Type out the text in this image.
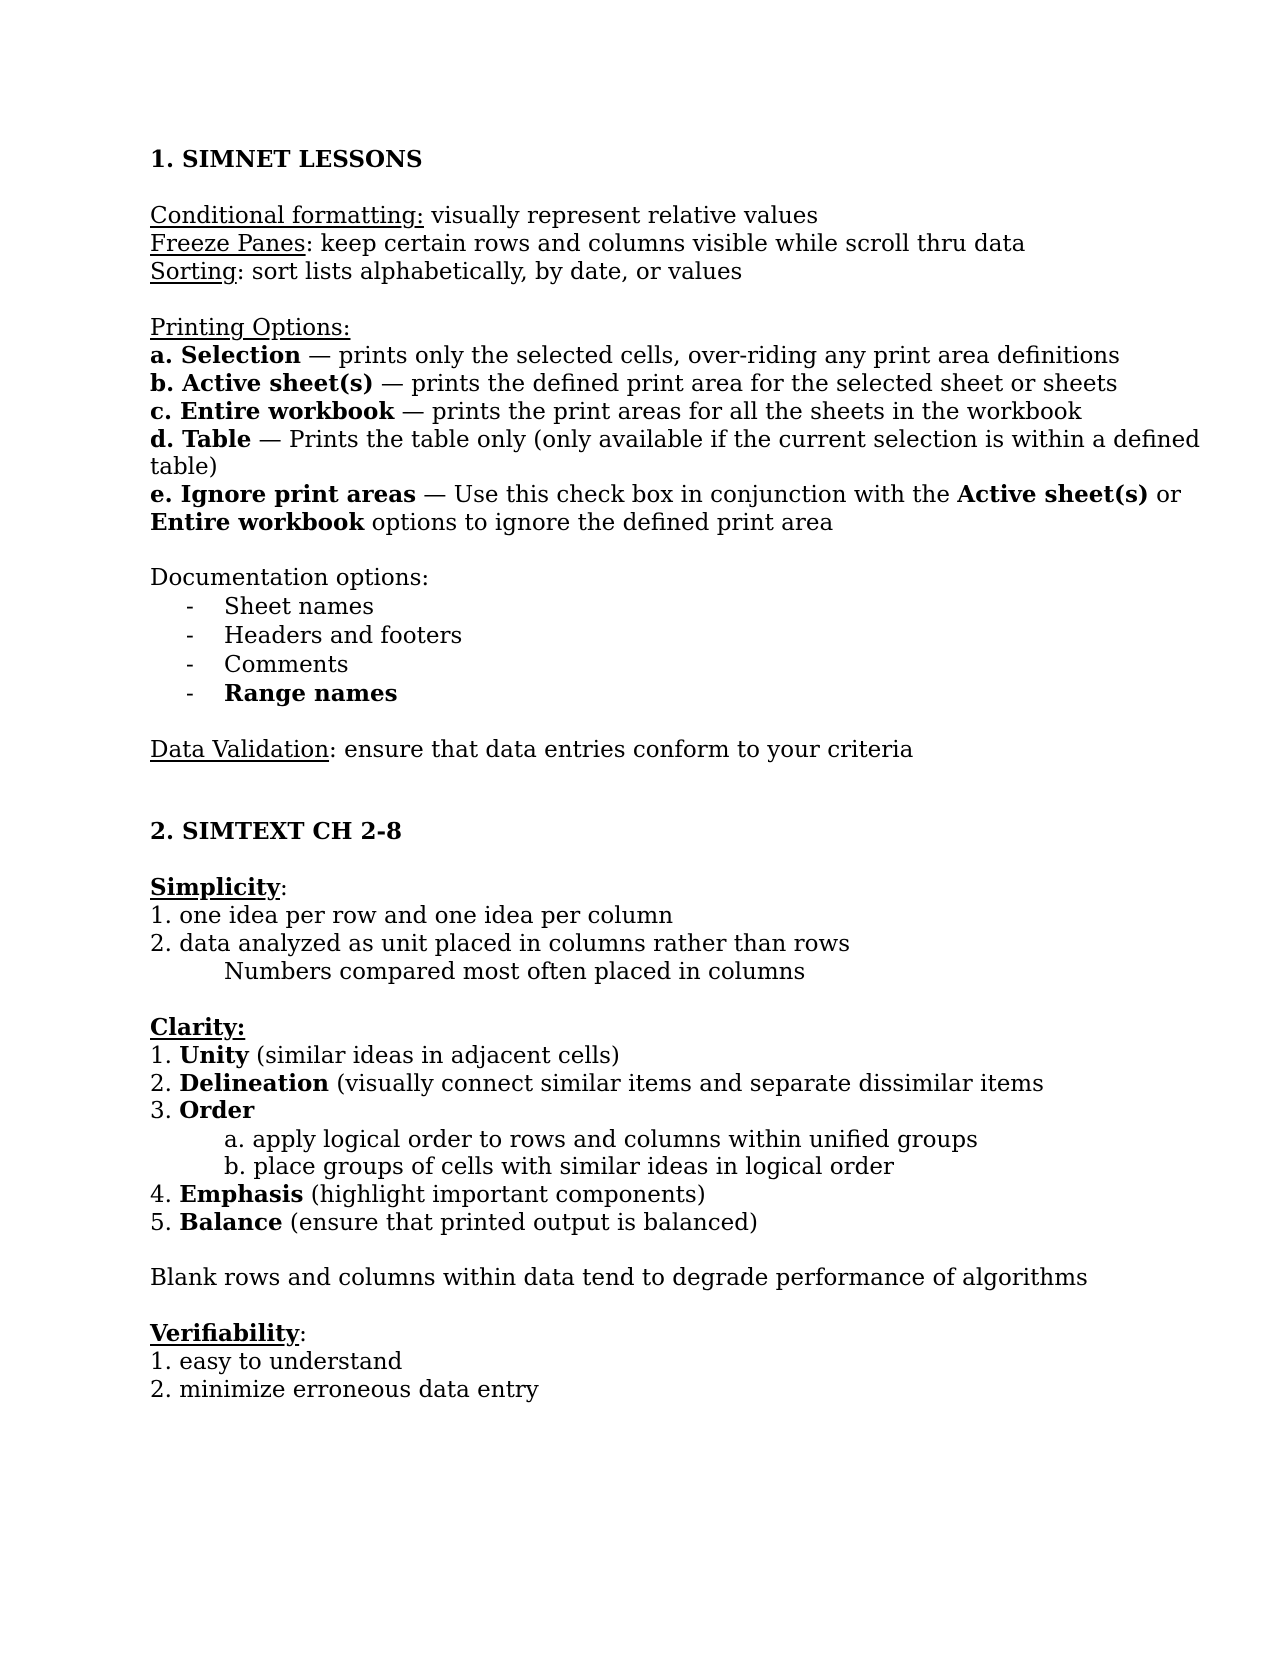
1. SIMNET LESSONS
Conditional formatting: visually represent relative values
Freeze Panes: keep certain rows and columns visible while scroll thru data
Sorting: sort lists alphabetically, by date, or values
Printing Options:
a. Selection — prints only the selected cells, over-riding any print area definitions
b. Active sheet(s) — prints the defined print area for the selected sheet or sheets
c. Entire workbook — prints the print areas for all the sheets in the workbook
d. Table — Prints the table only (only available if the current selection is within a defined
table)
e. Ignore print areas — Use this check box in conjunction with the Active sheet(s) or
Entire workbook options to ignore the defined print area
Documentation options:
- Sheet names
- Headers and footers
- Comments
- Range names
Data Validation: ensure that data entries conform to your criteria
2. SIMTEXT CH 2-8
Simplicity:
1. one idea per row and one idea per column
2. data analyzed as unit placed in columns rather than rows
Numbers compared most often placed in columns
Clarity:
1. Unity (similar ideas in adjacent cells)
2. Delineation (visually connect similar items and separate dissimilar items
3. Order
a. apply logical order to rows and columns within unified groups
b. place groups of cells with similar ideas in logical order
4. Emphasis (highlight important components)
5. Balance (ensure that printed output is balanced)
Blank rows and columns within data tend to degrade performance of algorithms
Verifiability:
1. easy to understand
2. minimize erroneous data entry
